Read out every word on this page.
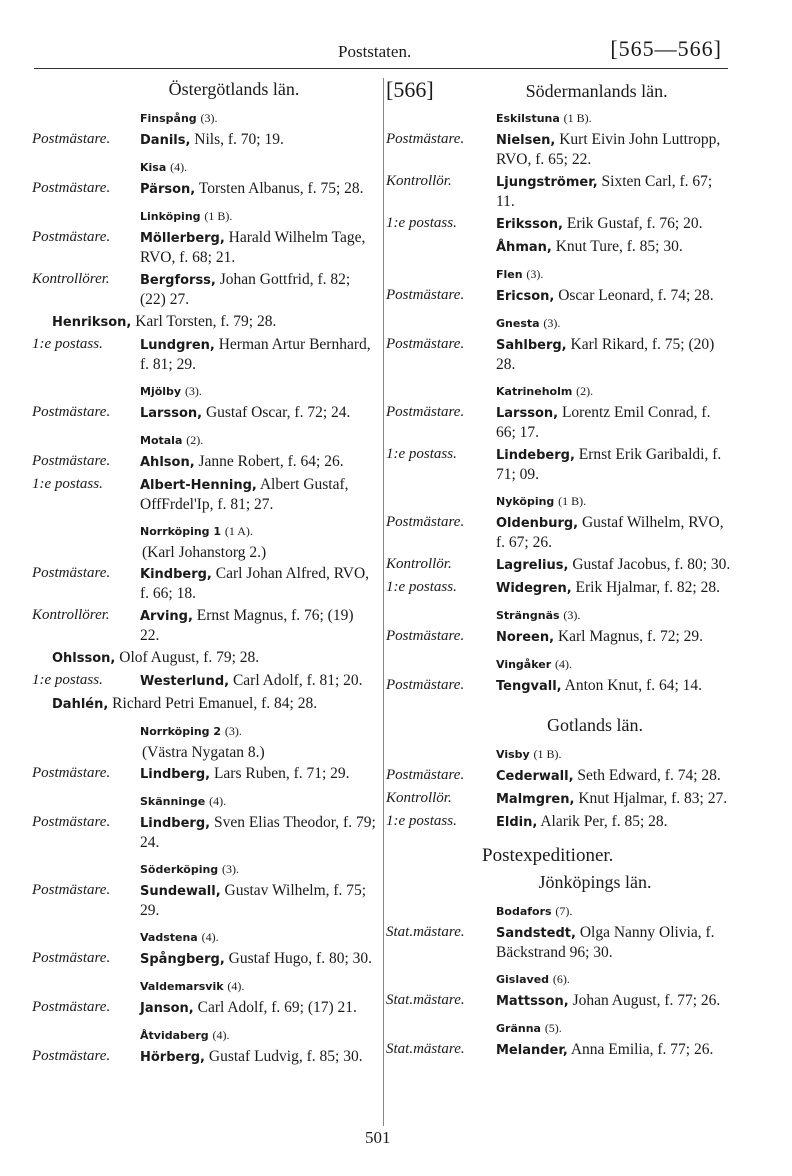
Poststaten.	[565—566]
Östergötlands län.
Finspång (3).
Postmästare. Danils, Nils, f. 70; 19.
Kisa (4).
Postmästare. Pärson, Torsten Albanus, f. 75; 28.
Linköping (1 B).
Postmästare. Möllerberg, Harald Wilhelm Tage, RVO, f. 68; 21.
Kontrollörer. Bergforss, Johan Gottfrid, f. 82; (22) 27.
Henrikson, Karl Torsten, f. 79; 28.
1:e postass.	Lundgren, Herman Artur Bernhard, f. 81; 29.
Mjölby (3).
Postmästare. Larsson, Gustaf Oscar, f. 72; 24.
Motala (2).
Postmästare. Ahlson, Janne Robert, f. 64; 26.
1:e postass.	Albert-Henning, Albert Gustaf, OffFrdel'Ip, f. 81; 27.
Norrköping 1 (1 A).
(Karl Johanstorg 2.)
Postmästare. Kindberg, Carl Johan Alfred, RVO, f. 66; 18.
Kontrollörer. Arving, Ernst Magnus, f. 76; (19) 22.
Ohlsson, Olof August, f. 79; 28.
1:e postass.	Westerlund, Carl Adolf, f. 81; 20.
Dahlén, Richard Petri Emanuel, f. 84; 28.
Norrköping 2 (3).
(Västra Nygatan 8.)
Postmästare. Lindberg, Lars Ruben, f. 71; 29.
Skänninge (4).
Postmästare. Lindberg, Sven Elias Theodor, f. 79; 24.
Söderköping (3).
Postmästare. Sundewall, Gustav Wilhelm, f. 75; 29.
Vadstena (4).
Postmästare. Spångberg, Gustaf Hugo, f. 80; 30.
Valdemarsvik (4).
Postmästare. Janson, Carl Adolf, f. 69; (17) 21.
Åtvidaberg (4).
Postmästare. Hörberg, Gustaf Ludvig, f. 85; 30.
[566]	Södermanlands län.
Eskilstuna (1 B).
Postmästare. Nielsen, Kurt Eivin John Luttropp, RVO, f. 65; 22.
Kontrollör.	Ljungströmer, Sixten Carl, f. 67; 11.
1:e postass.	Eriksson, Erik Gustaf, f. 76; 20.
Åhman, Knut Ture, f. 85; 30.
Flen (3).
Postmästare. Ericson, Oscar Leonard, f. 74; 28.
Gnesta (3).
Postmästare. Sahlberg, Karl Rikard, f. 75; (20) 28.
Katrineholm (2).
Postmästare. Larsson, Lorentz Emil Conrad, f. 66; 17.
1:e postass.	Lindeberg, Ernst Erik Garibaldi, f. 71; 09.
Nyköping (1 B).
Postmästare. Oldenburg, Gustaf Wilhelm, RVO, f. 67; 26.
Kontrollör.	Lagrelius, Gustaf Jacobus, f. 80; 30.
1:e postass.	Widegren, Erik Hjalmar, f. 82; 28.
Strängnäs (3).
Postmästare. Noreen, Karl Magnus, f. 72; 29.
Vingåker (4).
Postmästare. Tengvall, Anton Knut, f. 64; 14.
Gotlands län.
Visby (1 B).
Postmästare. Cederwall, Seth Edward, f. 74; 28.
Kontrollör.	Malmgren, Knut Hjalmar, f. 83; 27.
1:e postass.	Eldin, Alarik Per, f. 85; 28.
Postexpeditioner.
Jönköpings län.
Bodafors (7).
Stat.mästare. Sandstedt, Olga Nanny Olivia, f. Bäckstrand 96; 30.
Gislaved (6).
Stat.mästare. Mattsson, Johan August, f. 77; 26.
Gränna (5).
Stat.mästare. Melander, Anna Emilia, f. 77; 26.
501
